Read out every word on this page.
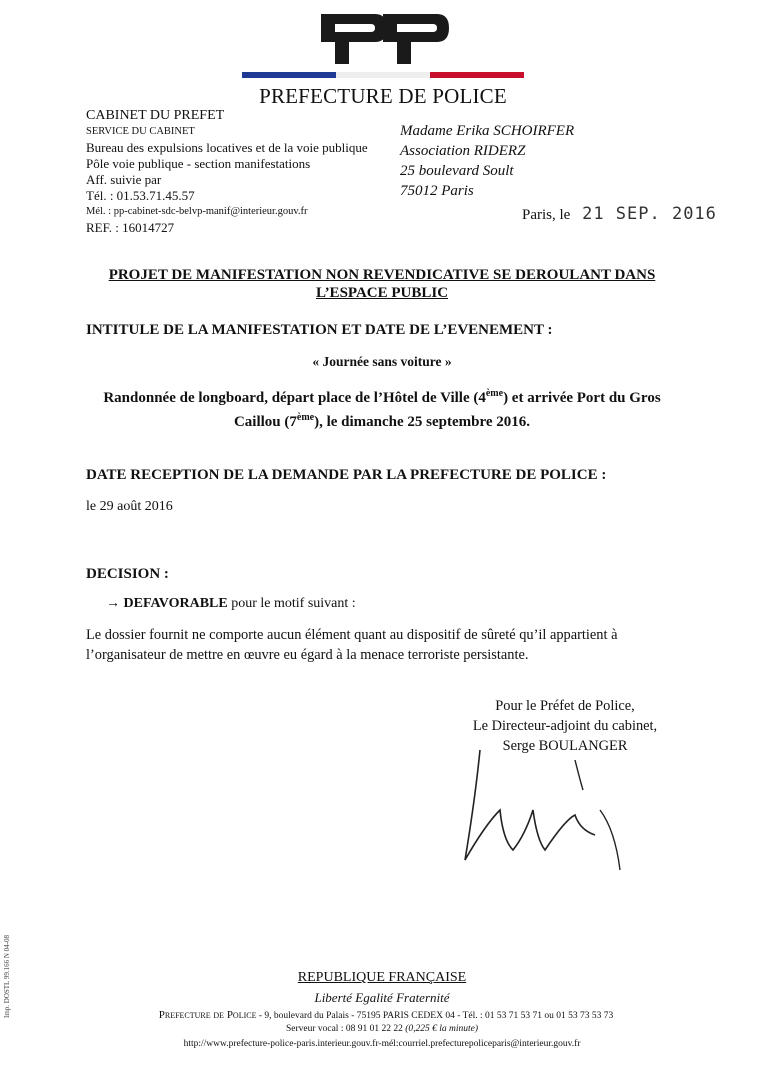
PREFECTURE DE POLICE
CABINET DU PREFET
SERVICE DU CABINET
Bureau des expulsions locatives et de la voie publique
Pôle voie publique - section manifestations
Aff. suivie par
Tél. : 01.53.71.45.57
Mél. : pp-cabinet-sdc-belvp-manif@interieur.gouv.fr
REF. : 16014727
Madame Erika SCHOIRFER
Association RIDERZ
25 boulevard Soult
75012 Paris
Paris, le 21 SEP. 2016
PROJET DE MANIFESTATION NON REVENDICATIVE SE DEROULANT DANS
L’ESPACE PUBLIC
INTITULE DE LA MANIFESTATION ET DATE DE L’EVENEMENT :
« Journée sans voiture »
Randonnée de longboard, départ place de l’Hôtel de Ville (4ème) et arrivée Port du Gros Caillou (7ème), le dimanche 25 septembre 2016.
DATE RECEPTION DE LA DEMANDE PAR LA PREFECTURE DE POLICE :
le 29 août 2016
DECISION :
→ DEFAVORABLE pour le motif suivant :
Le dossier fournit ne comporte aucun élément quant au dispositif de sûreté qu’il appartient à l’organisateur de mettre en œuvre eu égard à la menace terroriste persistante.
Pour le Préfet de Police,
Le Directeur-adjoint du cabinet,
Serge BOULANGER
Imp. DOSTL 99.166 N 04-08	REPUBLIQUE FRANÇAISE
Liberté Egalité Fraternité
Prefecture de Police - 9, boulevard du Palais - 75195 PARIS CEDEX 04 - Tél. : 01 53 71 53 71 ou 01 53 73 53 73
Serveur vocal : 08 91 01 22 22 (0,225 € la minute)
http://www.prefecture-police-paris.interieur.gouv.fr-mél:courriel.prefecturepoliceparis@interieur.gouv.fr
